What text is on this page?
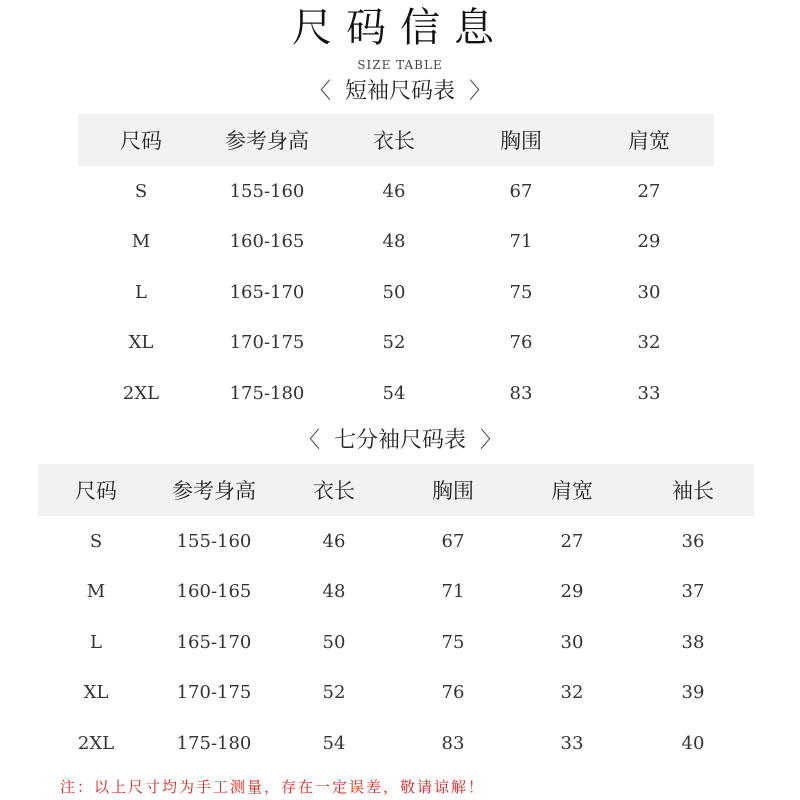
尺码信息
SIZE TABLE
〈 短袖尺码表 〉
尺码	参考身高	衣长	胸围	肩宽
S	155-160	46	67	27
M	160-165	48	71	29
L	165-170	50	75	30
XL	170-175	52	76	32
2XL	175-180	54	83	33
〈 七分袖尺码表 〉
尺码	参考身高	衣长	胸围	肩宽	袖长
S	155-160	46	67	27	36
M	160-165	48	71	29	37
L	165-170	50	75	30	38
XL	170-175	52	76	32	39
2XL	175-180	54	83	33	40
注：以上尺寸均为手工测量，存在一定误差，敬请谅解！
